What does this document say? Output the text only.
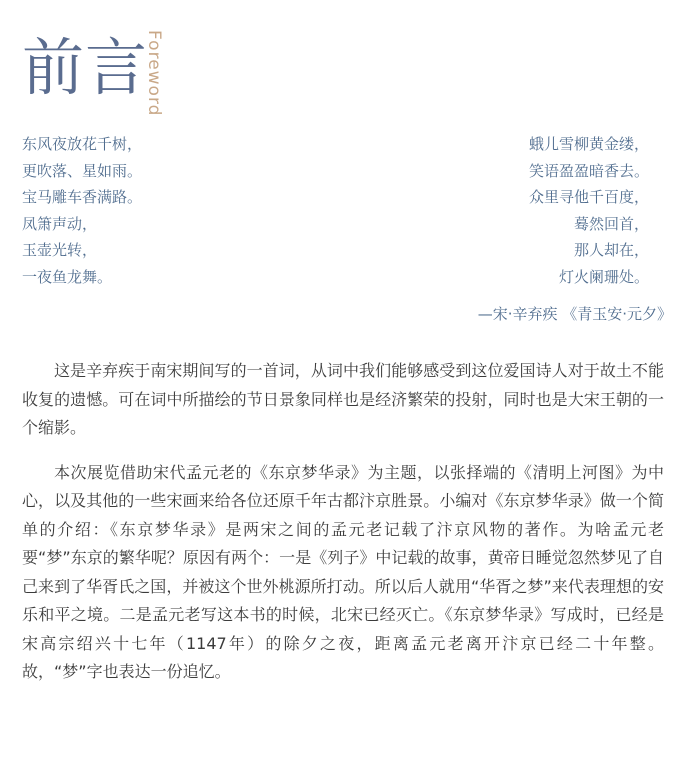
前言
Foreword
东风夜放花千树，
更吹落、星如雨。
宝马雕车香满路。
凤箫声动，
玉壶光转，
一夜鱼龙舞。
蛾儿雪柳黄金缕，
笑语盈盈暗香去。
众里寻他千百度，
蓦然回首，
那人却在，
灯火阑珊处。
—宋·辛弃疾 《青玉安·元夕》

这是辛弃疾于南宋期间写的一首词，从词中我们能够感受到这位爱国诗人对于故土不能收复的遗憾。可在词中所描绘的节日景象同样也是经济繁荣的投射，同时也是大宋王朝的一个缩影。

本次展览借助宋代孟元老的《东京梦华录》为主题，以张择端的《清明上河图》为中心，以及其他的一些宋画来给各位还原千年古都汴京胜景。小编对《东京梦华录》做一个简单的介绍：《东京梦华录》是两宋之间的孟元老记载了汴京风物的著作。为啥孟元老要“梦”东京的繁华呢？原因有两个：一是《列子》中记载的故事，黄帝日睡觉忽然梦见了自己来到了华胥氏之国，并被这个世外桃源所打动。所以后人就用“华胥之梦”来代表理想的安乐和平之境。二是孟元老写这本书的时候，北宋已经灭亡。《东京梦华录》写成时，已经是宋高宗绍兴十七年（1147年）的除夕之夜，距离孟元老离开汴京已经二十年整。故，“梦”字也表达一份追忆。
